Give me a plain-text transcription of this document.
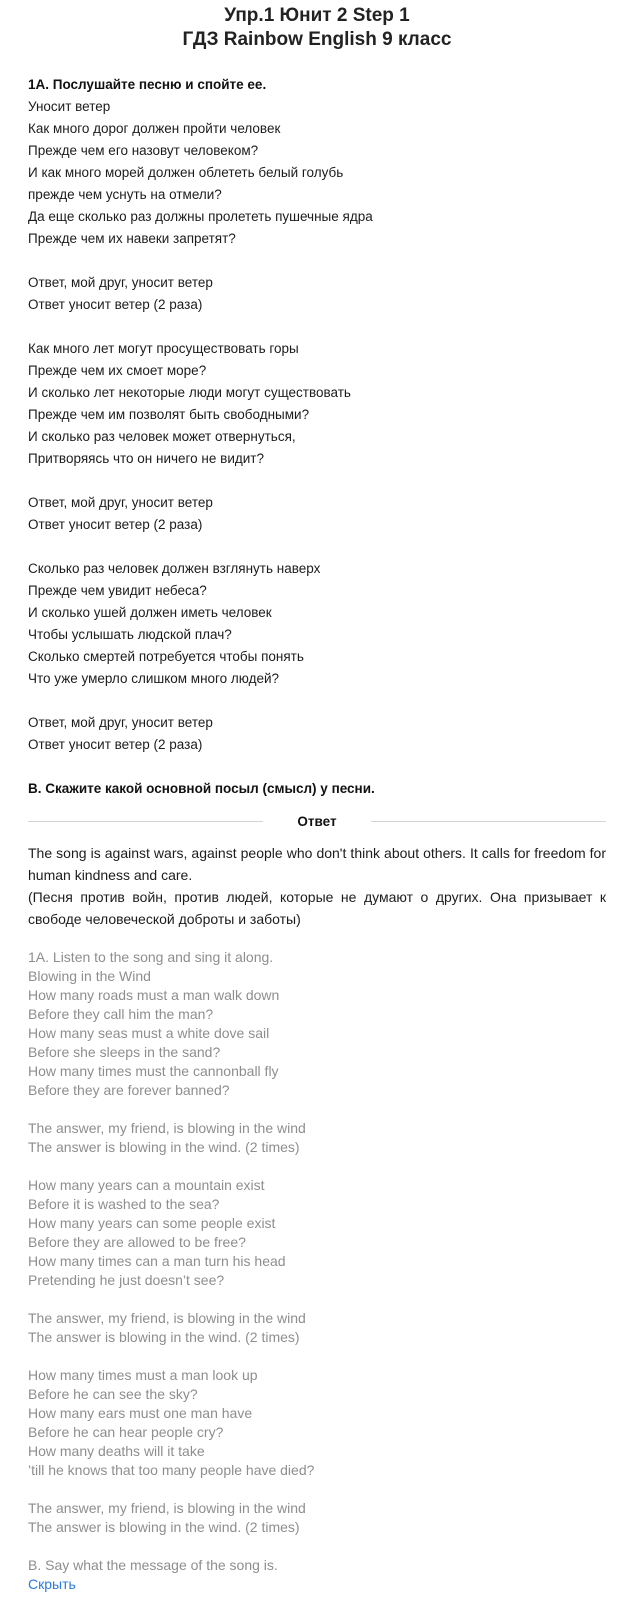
Упр.1 Юнит 2 Step 1
ГДЗ Rainbow English 9 класс
1А. Послушайте песню и спойте ее.
Уносит ветер
Как много дорог должен пройти человек
Прежде чем его назовут человеком?
И как много морей должен облететь белый голубь
прежде чем уснуть на отмели?
Да еще сколько раз должны пролететь пушечные ядра
Прежде чем их навеки запретят?
Ответ, мой друг, уносит ветер
Ответ уносит ветер (2 раза)
Как много лет могут просуществовать горы
Прежде чем их смоет море?
И сколько лет некоторые люди могут существовать
Прежде чем им позволят быть свободными?
И сколько раз человек может отвернуться,
Притворяясь что он ничего не видит?
Ответ, мой друг, уносит ветер
Ответ уносит ветер (2 раза)
Сколько раз человек должен взглянуть наверх
Прежде чем увидит небеса?
И сколько ушей должен иметь человек
Чтобы услышать людской плач?
Сколько смертей потребуется чтобы понять
Что уже умерло слишком много людей?
Ответ, мой друг, уносит ветер
Ответ уносит ветер (2 раза)
B. Скажите какой основной посыл (смысл) у песни.
Ответ

The song is against wars, against people who don't think about others. It calls for freedom for human kindness and care.

(Песня против войн, против людей, которые не думают о других. Она призывает к свободе человеческой доброты и заботы)

1A. Listen to the song and sing it along.
Blowing in the Wind
How many roads must a man walk down
Before they call him the man?
How many seas must a white dove sail
Before she sleeps in the sand?
How many times must the cannonball fly
Before they are forever banned?
The answer, my friend, is blowing in the wind
The answer is blowing in the wind. (2 times)
How many years can a mountain exist
Before it is washed to the sea?
How many years can some people exist
Before they are allowed to be free?
How many times can a man turn his head
Pretending he just doesn’t see?
The answer, my friend, is blowing in the wind
The answer is blowing in the wind. (2 times)
How many times must a man look up
Before he can see the sky?
How many ears must one man have
Before he can hear people cry?
How many deaths will it take
’till he knows that too many people have died?
The answer, my friend, is blowing in the wind
The answer is blowing in the wind. (2 times)
B. Say what the message of the song is.
Скрыть
